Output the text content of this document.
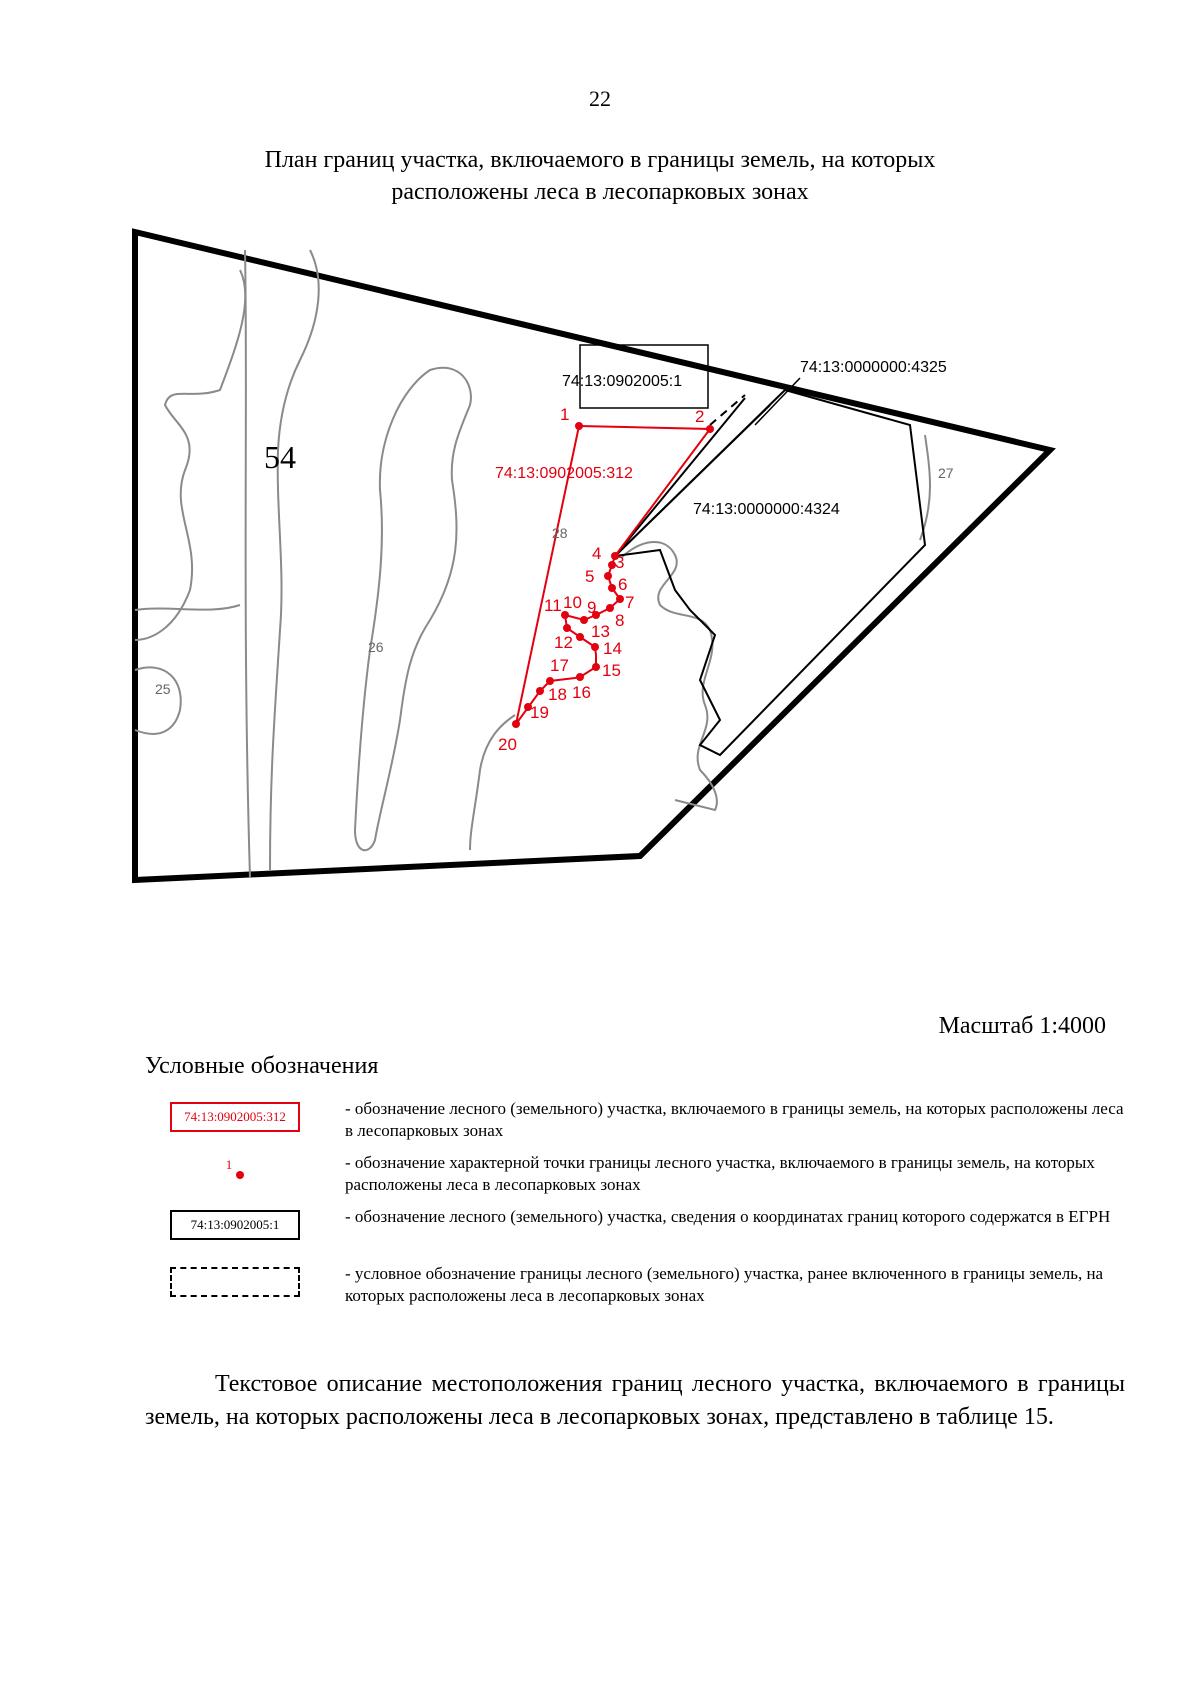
22
План границ участка, включаемого в границы земель, на которых
расположены леса в лесопарковых зонах
74:13:0902005:1
74:13:0000000:4325
74:13:0000000:4324
1	2
3
4
5 6
7
8
9
10
11
12
13
14
15
16
17
18
19
20
74:13:0902005:312
54
28
26
25
27
Масштаб 1:4000
Условные обозначения
74:13:0902005:312	- обозначение лесного (земельного) участка, включаемого в границы земель, на которых расположены леса в лесопарковых зонах
1	- обозначение характерной точки границы лесного участка, включаемого в границы земель, на которых расположены леса в лесопарковых зонах
74:13:0902005:1	- обозначение лесного (земельного) участка, сведения о координатах границ которого содержатся в ЕГРН
- условное обозначение границы лесного (земельного) участка, ранее включенного в границы земель, на которых расположены леса в лесопарковых зонах

Текстовое описание местоположения границ лесного участка, включаемого в границы земель, на которых расположены леса в лесопарковых зонах, представлено в таблице 15.
